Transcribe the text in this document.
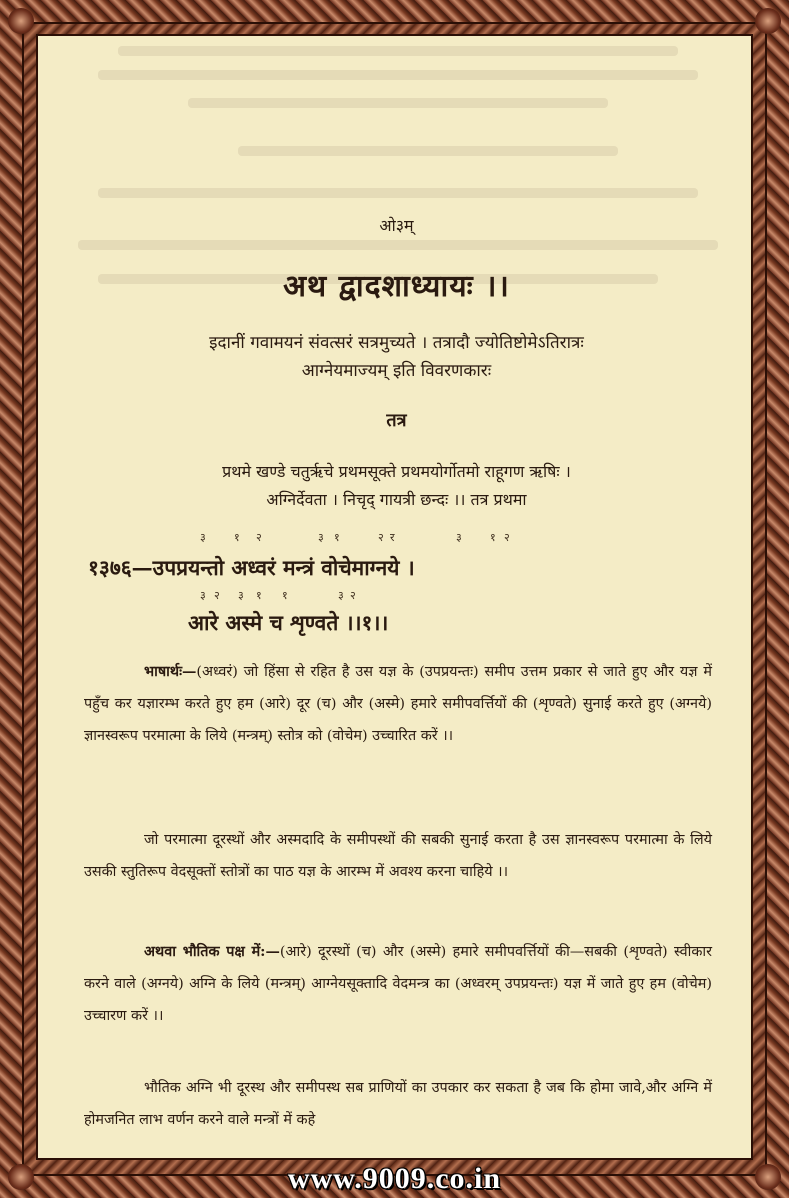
ओ३म्
अथ द्वादशाध्यायः ।।
इदानीं गवामयनं संवत्सरं सत्रमुच्यते । तत्रादौ ज्योतिष्टोमेऽतिरात्रः
आग्नेयमाज्यम् इति विवरणकारः
तत्र
प्रथमे खण्डे चतुर्ऋचे प्रथमसूक्ते प्रथमयोर्गोतमो राहूगण ऋषिः ।
अग्निर्देवता । निचृद् गायत्री छन्दः ।। तत्र प्रथमा
३	१ २	३ १	२ र	३	१ २
१३७६—उपप्रयन्तो अध्वरं मन्त्रं वोचेमाग्नये ।
३ २ ३ १ १	३ २
आरे अस्मे च शृण्वते ।।१।।
भाषार्थः—(अध्वरं) जो हिंसा से रहित है उस यज्ञ के (उपप्रयन्तः) समीप उत्तम प्रकार से जाते हुए और यज्ञ में पहुँच कर यज्ञारम्भ करते हुए हम (आरे) दूर (च) और (अस्मे) हमारे समीपवर्त्तियों की (शृण्वते) सुनाई करते हुए (अग्नये) ज्ञानस्वरूप परमात्मा के लिये (मन्त्रम्) स्तोत्र को (वोचेम) उच्चारित करें ।।
जो परमात्मा दूरस्थों और अस्मदादि के समीपस्थों की सबकी सुनाई करता है उस ज्ञानस्वरूप परमात्मा के लिये उसकी स्तुतिरूप वेदसूक्तों स्तोत्रों का पाठ यज्ञ के आरम्भ में अवश्य करना चाहिये ।।
अथवा भौतिक पक्ष में:—(आरे) दूरस्थों (च) और (अस्मे) हमारे समीपवर्त्तियों की—सबकी (शृण्वते) स्वीकार करने वाले (अग्नये) अग्नि के लिये (मन्त्रम्) आग्नेयसूक्तादि वेदमन्त्र का (अध्वरम् उपप्रयन्तः) यज्ञ में जाते हुए हम (वोचेम) उच्चारण करें ।।
भौतिक अग्नि भी दूरस्थ और समीपस्थ सब प्राणियों का उपकार कर सकता है जब कि होमा जावे,और अग्नि में होमजनित लाभ वर्णन करने वाले मन्त्रों में कहे
www.9009.co.in
